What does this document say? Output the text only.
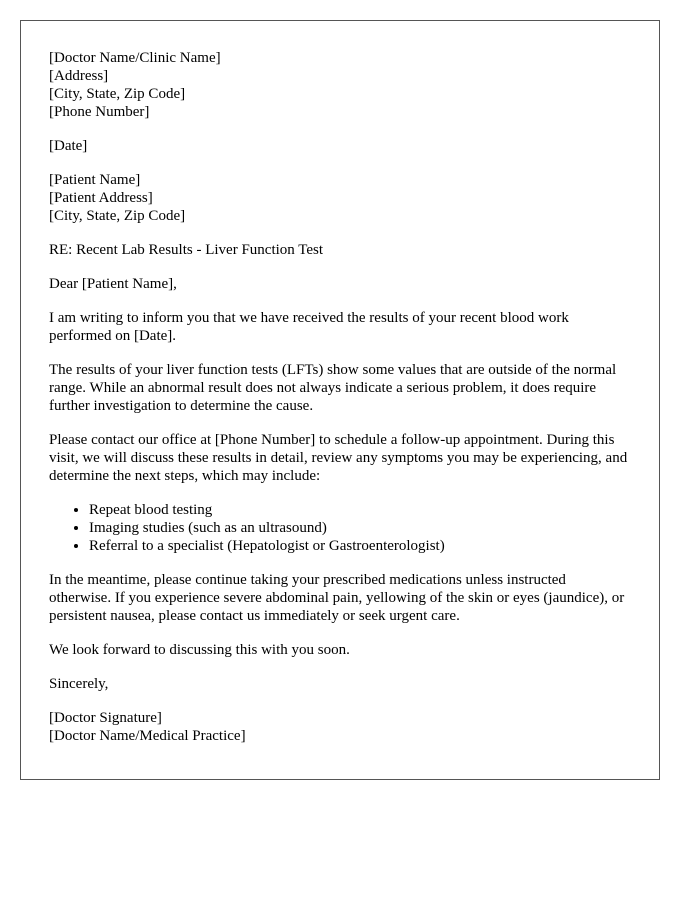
[Doctor Name/Clinic Name]
[Address]
[City, State, Zip Code]
[Phone Number]
[Date]
[Patient Name]
[Patient Address]
[City, State, Zip Code]

RE: Recent Lab Results - Liver Function Test

Dear [Patient Name],

I am writing to inform you that we have received the results of your recent blood work performed on [Date].

The results of your liver function tests (LFTs) show some values that are outside of the normal range. While an abnormal result does not always indicate a serious problem, it does require further investigation to determine the cause.

Please contact our office at [Phone Number] to schedule a follow-up appointment. During this visit, we will discuss these results in detail, review any symptoms you may be experiencing, and determine the next steps, which may include:

• Repeat blood testing
• Imaging studies (such as an ultrasound)
• Referral to a specialist (Hepatologist or Gastroenterologist)

In the meantime, please continue taking your prescribed medications unless instructed otherwise. If you experience severe abdominal pain, yellowing of the skin or eyes (jaundice), or persistent nausea, please contact us immediately or seek urgent care.

We look forward to discussing this with you soon.

Sincerely,

[Doctor Signature]
[Doctor Name/Medical Practice]
